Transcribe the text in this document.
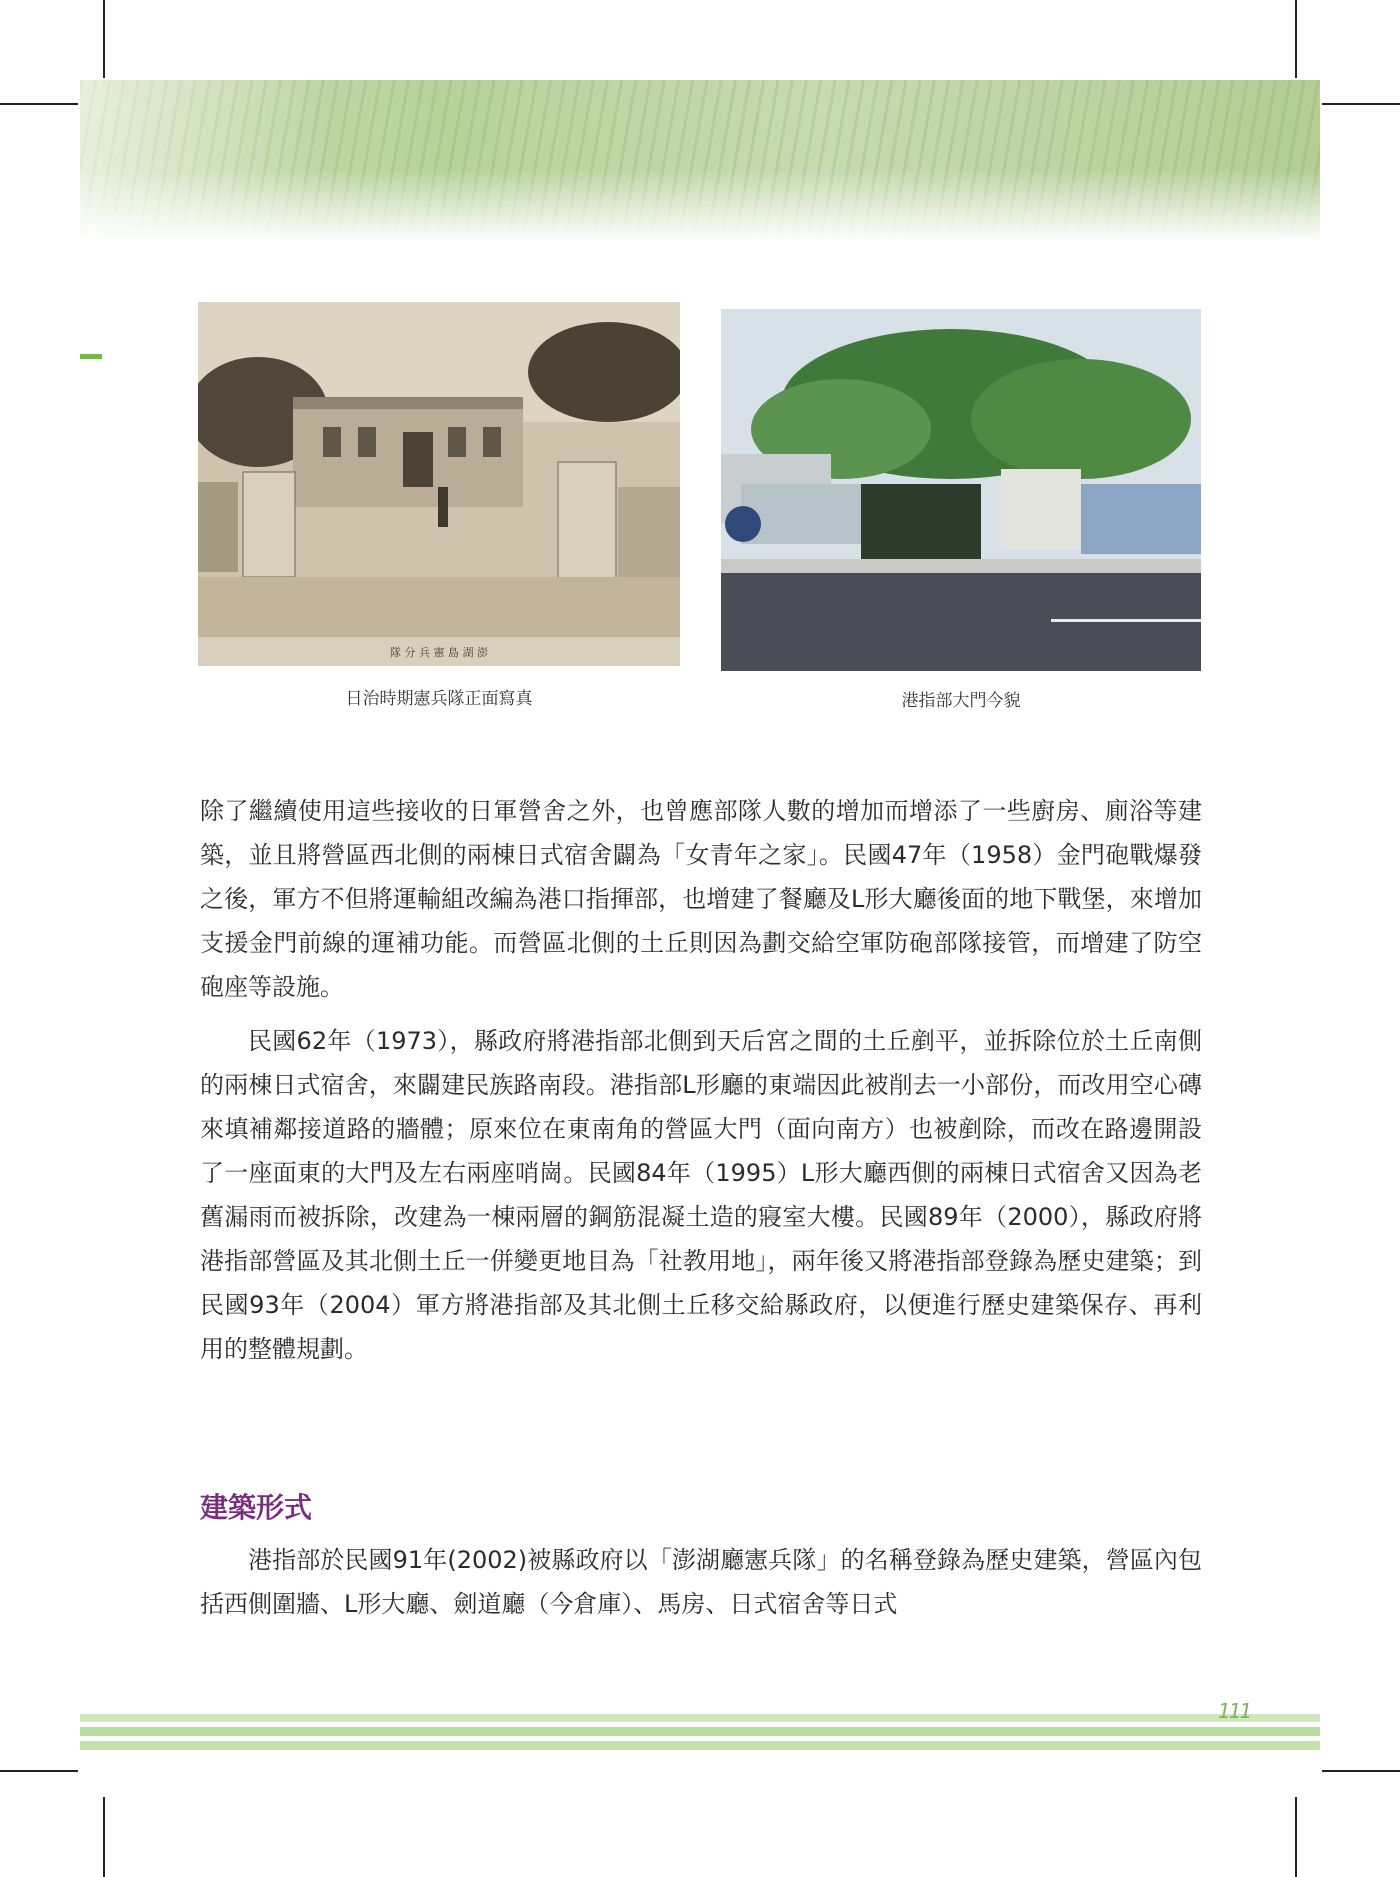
隊 分 兵 憲 島 湖 澎
日治時期憲兵隊正面寫真	港指部大門今貌

除了繼續使用這些接收的日軍營舍之外，也曾應部隊人數的增加而增添了一些廚房、廁浴等建築，並且將營區西北側的兩棟日式宿舍闢為「女青年之家」。民國47年（1958）金門砲戰爆發之後，軍方不但將運輸組改編為港口指揮部，也增建了餐廳及L形大廳後面的地下戰堡，來增加支援金門前線的運補功能。而營區北側的土丘則因為劃交給空軍防砲部隊接管，而增建了防空砲座等設施。

民國62年（1973），縣政府將港指部北側到天后宮之間的土丘剷平，並拆除位於土丘南側的兩棟日式宿舍，來闢建民族路南段。港指部L形廳的東端因此被削去一小部份，而改用空心磚來填補鄰接道路的牆體；原來位在東南角的營區大門（面向南方）也被剷除，而改在路邊開設了一座面東的大門及左右兩座哨崗。民國84年（1995）L形大廳西側的兩棟日式宿舍又因為老舊漏雨而被拆除，改建為一棟兩層的鋼筋混凝土造的寢室大樓。民國89年（2000），縣政府將港指部營區及其北側土丘一併變更地目為「社教用地」，兩年後又將港指部登錄為歷史建築；到民國93年（2004）軍方將港指部及其北側土丘移交給縣政府，以便進行歷史建築保存、再利用的整體規劃。

建築形式

港指部於民國91年(2002)被縣政府以「澎湖廳憲兵隊」的名稱登錄為歷史建築，營區內包括西側圍牆、L形大廳、劍道廳（今倉庫）、馬房、日式宿舍等日式

111
